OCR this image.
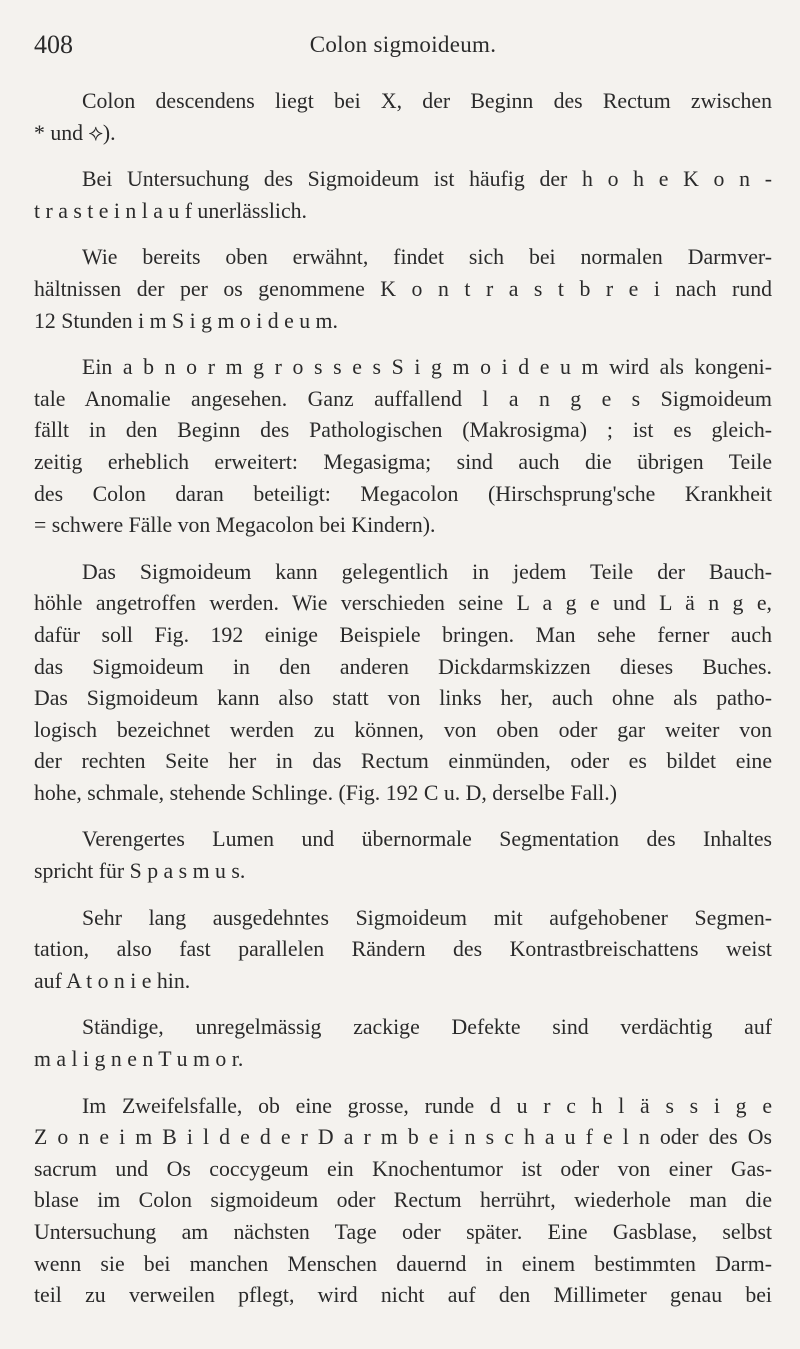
408	Colon sigmoideum.
Colon descendens liegt bei X, der Beginn des Rectum zwischen
* und ⟡).
Bei Untersuchung des Sigmoideum ist häufig der h o h e K o n -
t r a s t e i n l a u f unerlässlich.
Wie bereits oben erwähnt, findet sich bei normalen Darmver-
hältnissen der per os genommene K o n t r a s t b r e i nach rund
12 Stunden i m S i g m o i d e u m.
Ein a b n o r m g r o s s e s S i g m o i d e u m wird als kongeni-
tale Anomalie angesehen. Ganz auffallend l a n g e s Sigmoideum
fällt in den Beginn des Pathologischen (Makrosigma) ; ist es gleich-
zeitig erheblich erweitert: Megasigma; sind auch die übrigen Teile
des Colon daran beteiligt: Megacolon (Hirschsprung'sche Krankheit
= schwere Fälle von Megacolon bei Kindern).
Das Sigmoideum kann gelegentlich in jedem Teile der Bauch-
höhle angetroffen werden. Wie verschieden seine L a g e und L ä n g e,
dafür soll Fig. 192 einige Beispiele bringen. Man sehe ferner auch
das Sigmoideum in den anderen Dickdarmskizzen dieses Buches.
Das Sigmoideum kann also statt von links her, auch ohne als patho-
logisch bezeichnet werden zu können, von oben oder gar weiter von
der rechten Seite her in das Rectum einmünden, oder es bildet eine
hohe, schmale, stehende Schlinge. (Fig. 192 C u. D, derselbe Fall.)
Verengertes Lumen und übernormale Segmentation des Inhaltes
spricht für S p a s m u s.
Sehr lang ausgedehntes Sigmoideum mit aufgehobener Segmen-
tation, also fast parallelen Rändern des Kontrastbreischattens weist
auf A t o n i e hin.
Ständige, unregelmässig zackige Defekte sind verdächtig auf
m a l i g n e n T u m o r.
Im Zweifelsfalle, ob eine grosse, runde d u r c h l ä s s i g e
Z o n e i m B i l d e d e r D a r m b e i n s c h a u f e l n oder des Os
sacrum und Os coccygeum ein Knochentumor ist oder von einer Gas-
blase im Colon sigmoideum oder Rectum herrührt, wiederhole man die
Untersuchung am nächsten Tage oder später. Eine Gasblase, selbst
wenn sie bei manchen Menschen dauernd in einem bestimmten Darm-
teil zu verweilen pflegt, wird nicht auf den Millimeter genau bei
